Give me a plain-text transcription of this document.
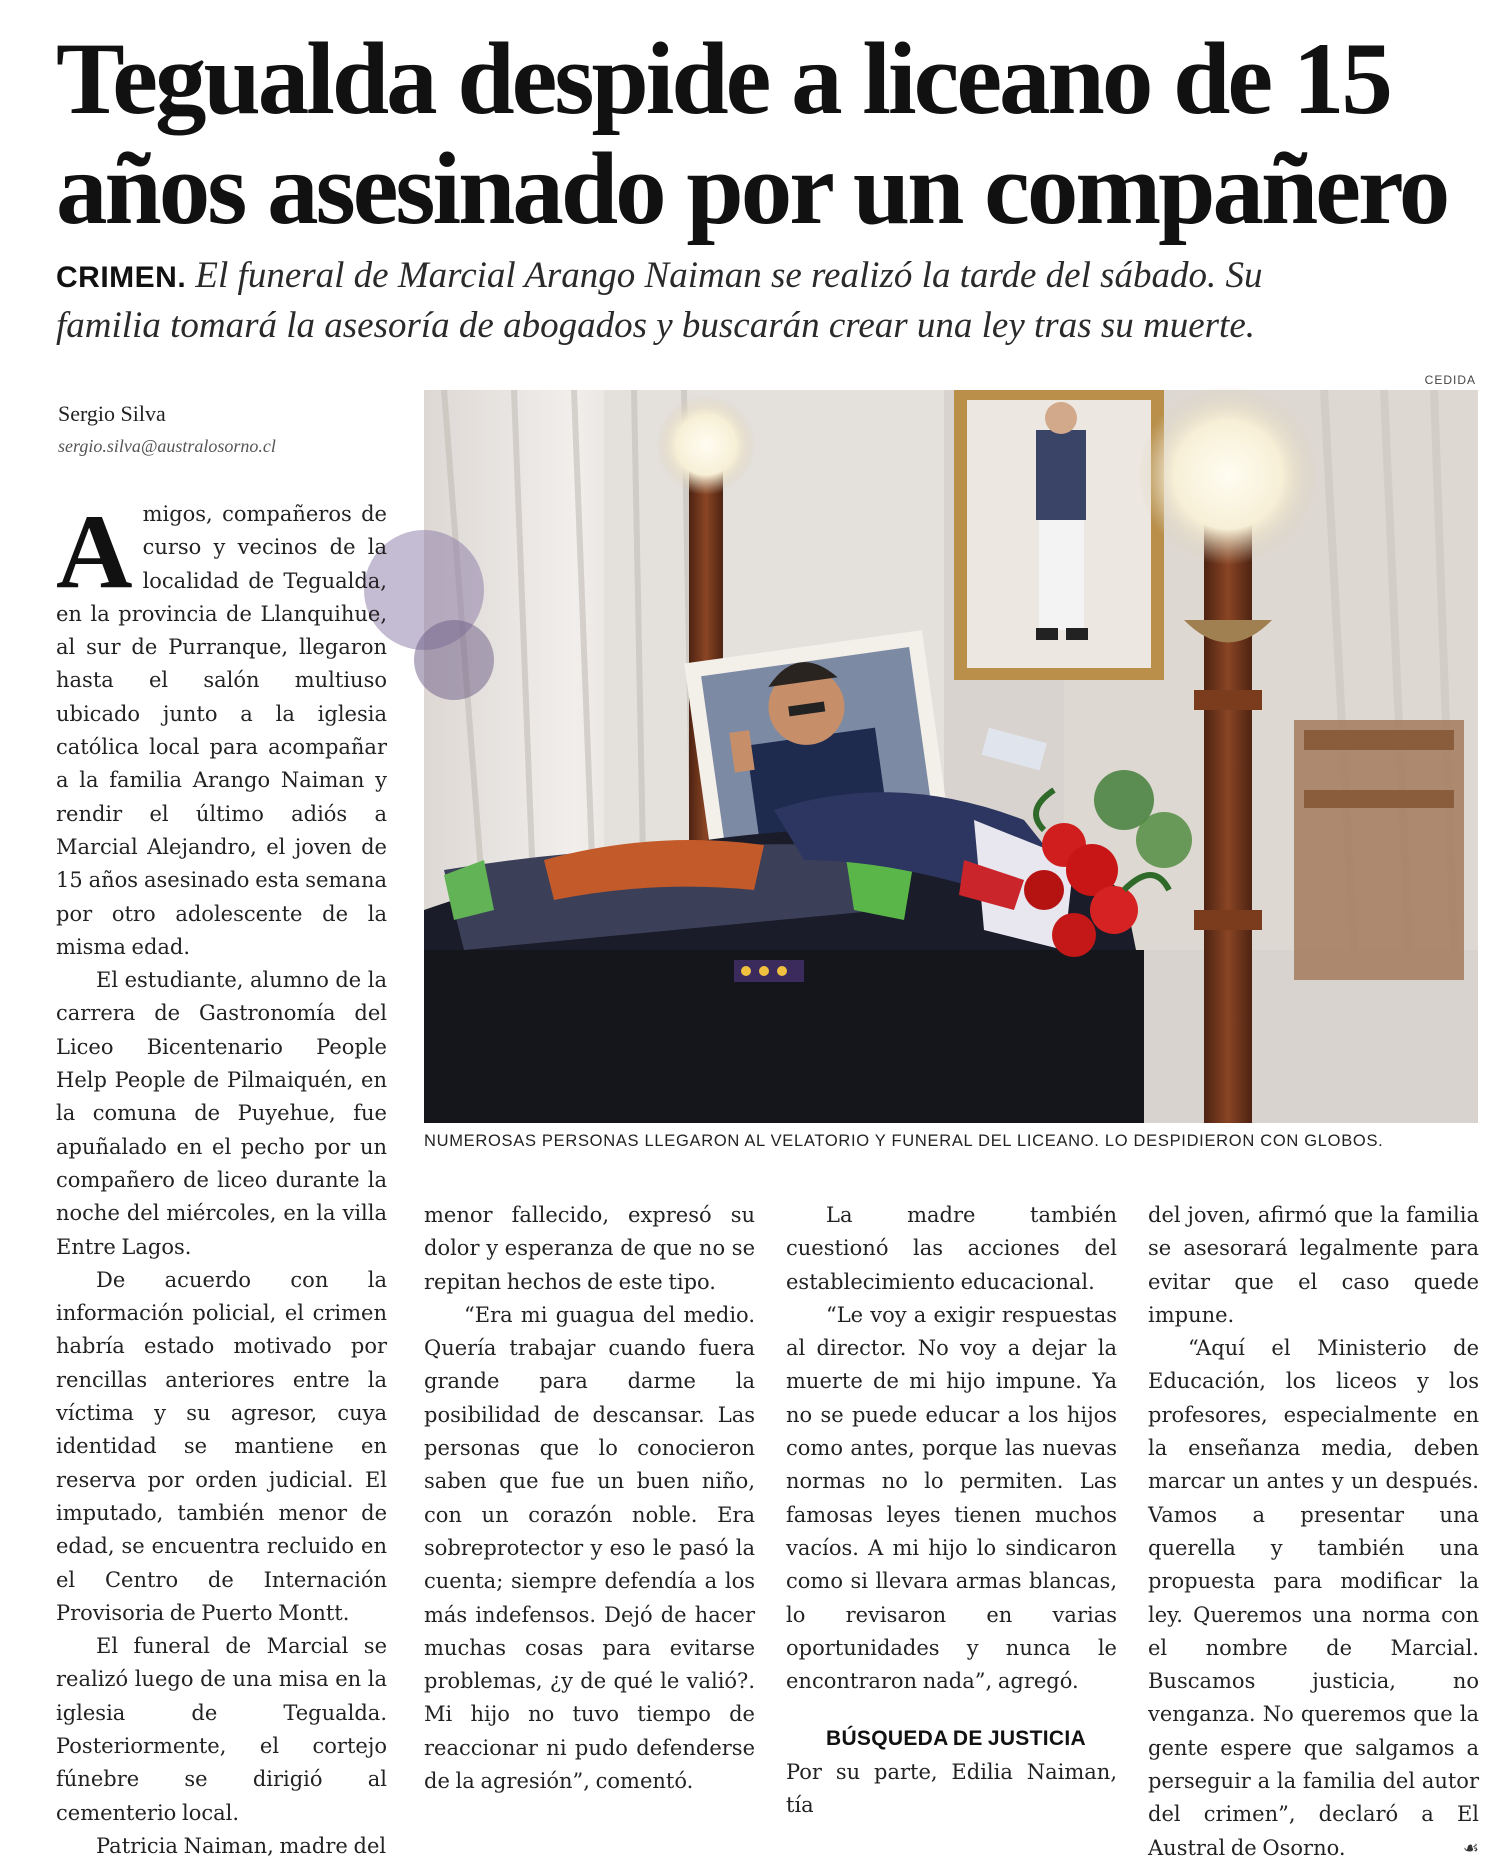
Tegualda despide a liceano de 15
años asesinado por un compañero
CRIMEN. El funeral de Marcial Arango Naiman se realizó la tarde del sábado. Su
familia tomará la asesoría de abogados y buscarán crear una ley tras su muerte.
CEDIDA
Sergio Silva
sergio.silva@australosorno.cl
NUMEROSAS PERSONAS LLEGARON AL VELATORIO Y FUNERAL DEL LICEANO. LO DESPIDIERON CON GLOBOS.

Amigos, compañeros de curso y vecinos de la localidad de Tegualda, en la provincia de Llanquihue, al sur de Purranque, llegaron hasta el salón multiuso ubicado junto a la iglesia católica local para acompañar a la familia Arango Naiman y rendir el último adiós a Marcial Alejandro, el joven de 15 años asesinado esta semana por otro adolescente de la misma edad.

El estudiante, alumno de la carrera de Gastronomía del Liceo Bicentenario People Help People de Pilmaiquén, en la comuna de Puyehue, fue apuñalado en el pecho por un compañero de liceo durante la noche del miércoles, en la villa Entre Lagos.

De acuerdo con la información policial, el crimen habría estado motivado por rencillas anteriores entre la víctima y su agresor, cuya identidad se mantiene en reserva por orden judicial. El imputado, también menor de edad, se encuentra recluido en el Centro de Internación Provisoria de Puerto Montt.

El funeral de Marcial se realizó luego de una misa en la iglesia de Tegualda. Posteriormente, el cortejo fúnebre se dirigió al cementerio local.

Patricia Naiman, madre del

menor fallecido, expresó su dolor y esperanza de que no se repitan hechos de este tipo.

“Era mi guagua del medio. Quería trabajar cuando fuera grande para darme la posibilidad de descansar. Las personas que lo conocieron saben que fue un buen niño, con un corazón noble. Era sobreprotector y eso le pasó la cuenta; siempre defendía a los más indefensos. Dejó de hacer muchas cosas para evitarse problemas, ¿y de qué le valió?. Mi hijo no tuvo tiempo de reaccionar ni pudo defenderse de la agresión”, comentó.

La madre también cuestionó las acciones del establecimiento educacional.

“Le voy a exigir respuestas al director. No voy a dejar la muerte de mi hijo impune. Ya no se puede educar a los hijos como antes, porque las nuevas normas no lo permiten. Las famosas leyes tienen muchos vacíos. A mi hijo lo sindicaron como si llevara armas blancas, lo revisaron en varias oportunidades y nunca le encontraron nada”, agregó.

BÚSQUEDA DE JUSTICIA

Por su parte, Edilia Naiman, tía

del joven, afirmó que la familia se asesorará legalmente para evitar que el caso quede impune.

“Aquí el Ministerio de Educación, los liceos y los profesores, especialmente en la enseñanza media, deben marcar un antes y un después. Vamos a presentar una querella y también una propuesta para modificar la ley. Queremos una norma con el nombre de Marcial. Buscamos justicia, no venganza. No queremos que la gente espere que salgamos a perseguir a la familia del autor del crimen”, declaró a El Austral de Osorno.	☙
